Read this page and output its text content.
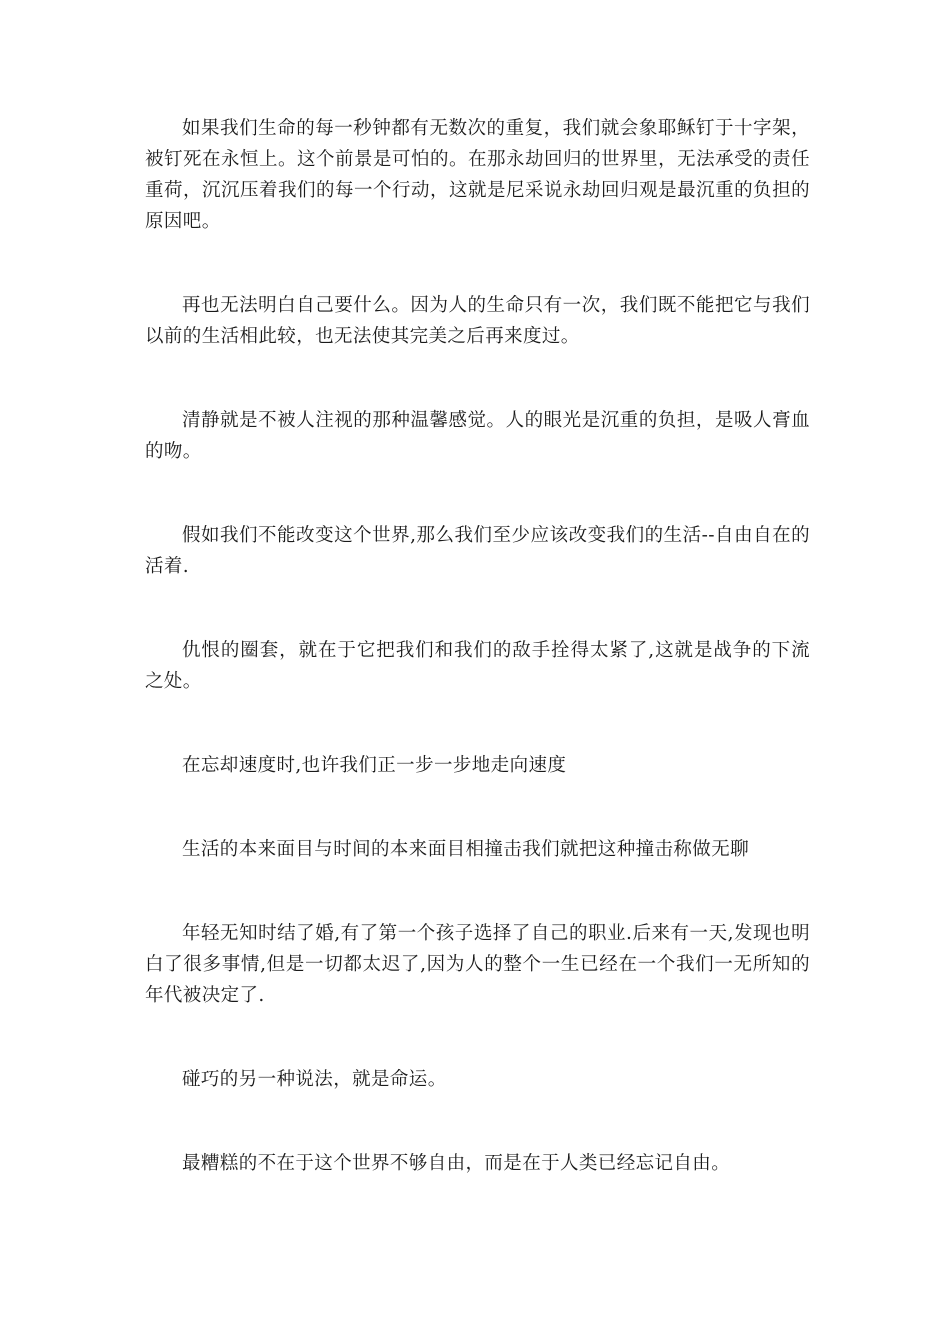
如果我们生命的每一秒钟都有无数次的重复，我们就会象耶稣钉于十字架，被钉死在永恒上。这个前景是可怕的。在那永劫回归的世界里，无法承受的责任重荷，沉沉压着我们的每一个行动，这就是尼采说永劫回归观是最沉重的负担的原因吧。

再也无法明白自己要什么。因为人的生命只有一次，我们既不能把它与我们以前的生活相此较，也无法使其完美之后再来度过。

清静就是不被人注视的那种温馨感觉。人的眼光是沉重的负担，是吸人膏血的吻。

假如我们不能改变这个世界,那么我们至少应该改变我们的生活--自由自在的活着.

仇恨的圈套，就在于它把我们和我们的敌手拴得太紧了,这就是战争的下流之处。

在忘却速度时,也许我们正一步一步地走向速度

生活的本来面目与时间的本来面目相撞击我们就把这种撞击称做无聊

年轻无知时结了婚,有了第一个孩子选择了自己的职业.后来有一天,发现也明白了很多事情,但是一切都太迟了,因为人的整个一生已经在一个我们一无所知的年代被决定了.

碰巧的另一种说法，就是命运。

最糟糕的不在于这个世界不够自由，而是在于人类已经忘记自由。
